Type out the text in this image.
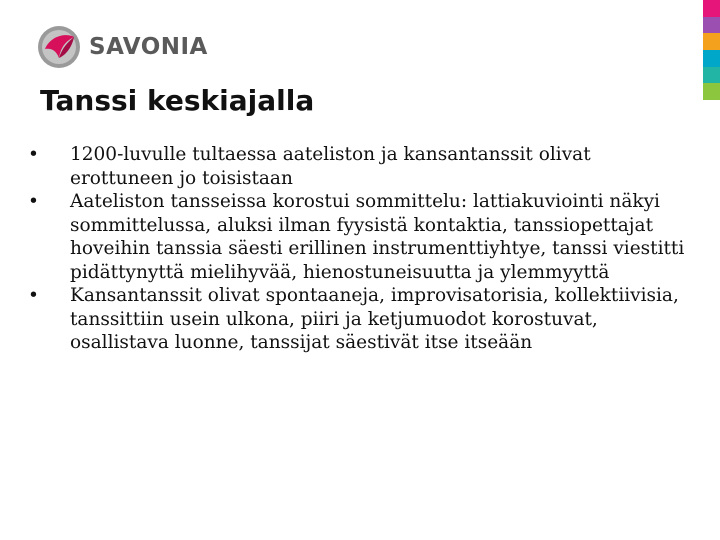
SAVONIA
Tanssi keskiajalla
• 1200-luvulle tultaessa aateliston ja kansantanssit olivat erottuneen jo toisistaan
• Aateliston tansseissa korostui sommittelu: lattiakuviointi näkyi sommittelussa, aluksi ilman fyysistä kontaktia, tanssiopettajat hoveihin tanssia säesti erillinen instrumenttiyhtye, tanssi viestitti pidättynyttä mielihyvää, hienostuneisuutta ja ylemmyyttä
• Kansantanssit olivat spontaaneja, improvisatorisia, kollektiivisia, tanssittiin usein ulkona, piiri ja ketjumuodot korostuvat, osallistava luonne, tanssijat säestivät itse itseään
